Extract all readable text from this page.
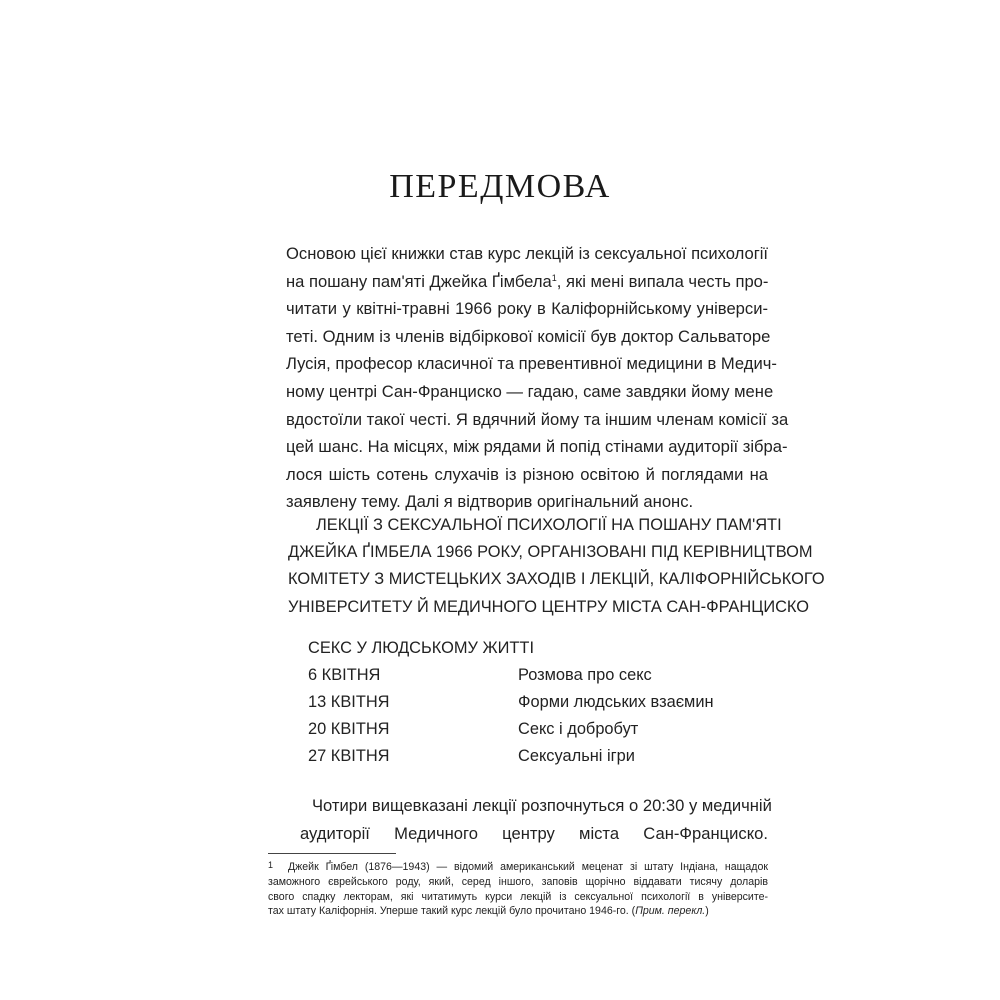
ПЕРЕДМОВА
Основою цієї книжки став курс лекцій із сексуальної психології
на пошану пам'яті Джейка Ґімбела$^1$, які мені випала честь про-
читати у квітні-травні 1966 року в Каліфорнійському універси-
теті. Одним із членів відбіркової комісії був доктор Сальваторе
Лусія, професор класичної та превентивної медицини в Медич-
ному центрі Сан-Франциско — гадаю, саме завдяки йому мене
вдостоїли такої честі. Я вдячний йому та іншим членам комісії за
цей шанс. На місцях, між рядами й попід стінами аудиторії зібра-
лося шість сотень слухачів із різною освітою й поглядами на
заявлену тему. Далі я відтворив оригінальний анонс.
ЛЕКЦІЇ З СЕКСУАЛЬНОЇ ПСИХОЛОГІЇ НА ПОШАНУ ПАМ'ЯТІ
ДЖЕЙКА ҐІМБЕЛА 1966 РОКУ, ОРГАНІЗОВАНІ ПІД КЕРІВНИЦТВОМ
КОМІТЕТУ З МИСТЕЦЬКИХ ЗАХОДІВ І ЛЕКЦІЙ, КАЛІФОРНІЙСЬКОГО
УНІВЕРСИТЕТУ Й МЕДИЧНОГО ЦЕНТРУ МІСТА САН-ФРАНЦИСКО
СЕКС У ЛЮДСЬКОМУ ЖИТТІ
6 КВІТНЯ	Розмова про секс
13 КВІТНЯ	Форми людських взаємин
20 КВІТНЯ	Секс і добробут
27 КВІТНЯ	Сексуальні ігри
Чотири вищевказані лекції розпочнуться о 20:30 у медичній
аудиторії Медичного центру міста Сан-Франциско.
1 Джейк Ґімбел (1876—1943) — відомий американський меценат зі штату Індіана, нащадок
заможного єврейського роду, який, серед іншого, заповів щорічно віддавати тисячу доларів
свого спадку лекторам, які читатимуть курси лекцій із сексуальної психології в університе-
тах штату Каліфорнія. Уперше такий курс лекцій було прочитано 1946-го. (Прим. перекл.)
